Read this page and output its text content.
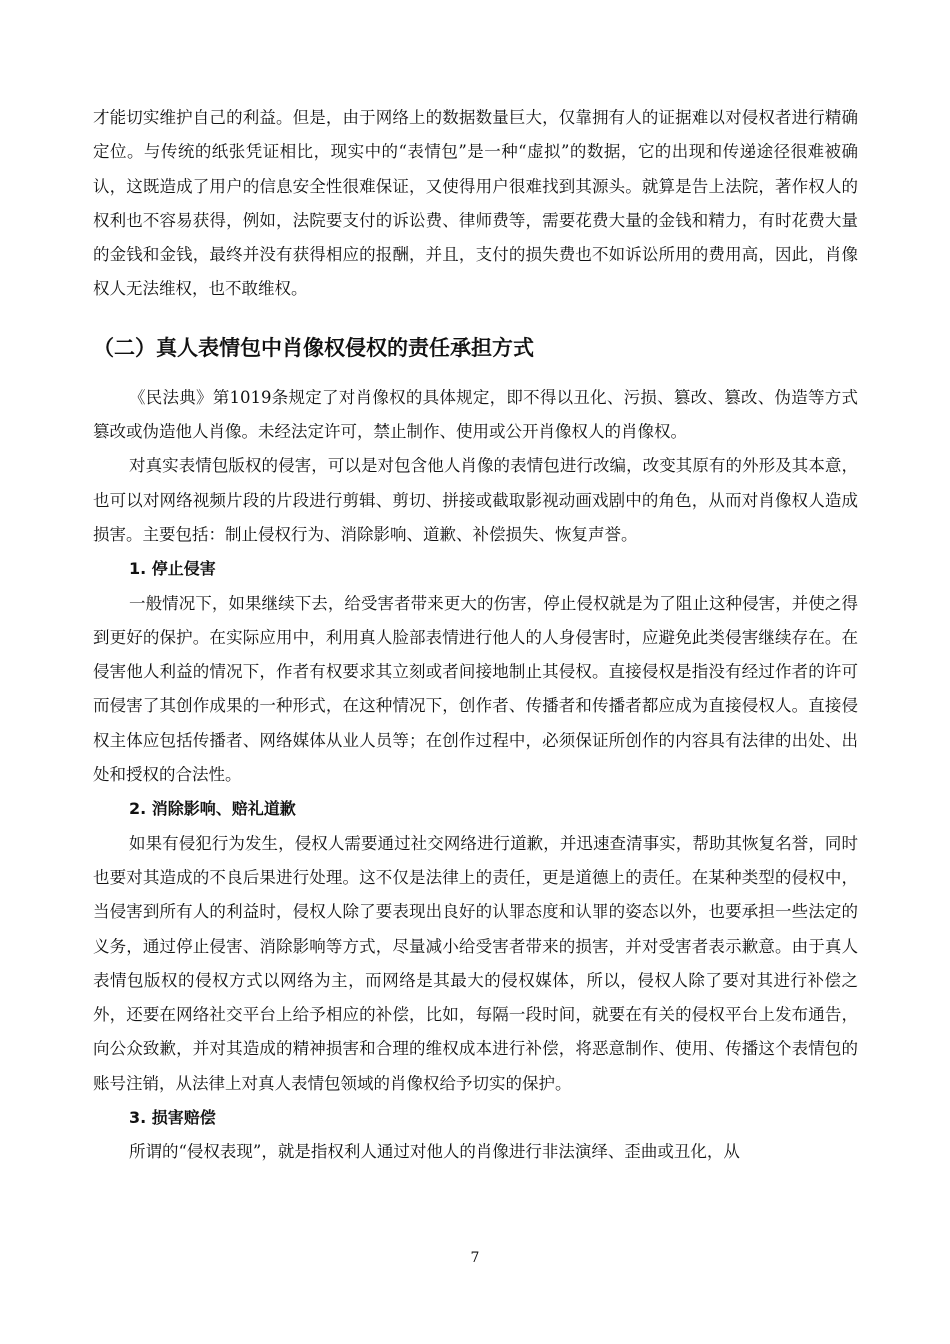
才能切实维护自己的利益。但是，由于网络上的数据数量巨大，仅靠拥有人的证据难以对侵权者进行精确定位。与传统的纸张凭证相比，现实中的“表情包”是一种“虚拟”的数据，它的出现和传递途径很难被确认，这既造成了用户的信息安全性很难保证，又使得用户很难找到其源头。就算是告上法院，著作权人的权利也不容易获得，例如，法院要支付的诉讼费、律师费等，需要花费大量的金钱和精力，有时花费大量的金钱和金钱，最终并没有获得相应的报酬，并且，支付的损失费也不如诉讼所用的费用高，因此，肖像权人无法维权，也不敢维权。

（二）真人表情包中肖像权侵权的责任承担方式

《民法典》第1019条规定了对肖像权的具体规定，即不得以丑化、污损、篡改、篡改、伪造等方式篡改或伪造他人肖像。未经法定许可，禁止制作、使用或公开肖像权人的肖像权。

对真实表情包版权的侵害，可以是对包含他人肖像的表情包进行改编，改变其原有的外形及其本意，也可以对网络视频片段的片段进行剪辑、剪切、拼接或截取影视动画戏剧中的角色，从而对肖像权人造成损害。主要包括：制止侵权行为、消除影响、道歉、补偿损失、恢复声誉。

1. 停止侵害

一般情况下，如果继续下去，给受害者带来更大的伤害，停止侵权就是为了阻止这种侵害，并使之得到更好的保护。在实际应用中，利用真人脸部表情进行他人的人身侵害时，应避免此类侵害继续存在。在侵害他人利益的情况下，作者有权要求其立刻或者间接地制止其侵权。直接侵权是指没有经过作者的许可而侵害了其创作成果的一种形式，在这种情况下，创作者、传播者和传播者都应成为直接侵权人。直接侵权主体应包括传播者、网络媒体从业人员等；在创作过程中，必须保证所创作的内容具有法律的出处、出处和授权的合法性。

2. 消除影响、赔礼道歉

如果有侵犯行为发生，侵权人需要通过社交网络进行道歉，并迅速查清事实，帮助其恢复名誉，同时也要对其造成的不良后果进行处理。这不仅是法律上的责任，更是道德上的责任。在某种类型的侵权中，当侵害到所有人的利益时，侵权人除了要表现出良好的认罪态度和认罪的姿态以外，也要承担一些法定的义务，通过停止侵害、消除影响等方式，尽量减小给受害者带来的损害，并对受害者表示歉意。由于真人表情包版权的侵权方式以网络为主，而网络是其最大的侵权媒体，所以，侵权人除了要对其进行补偿之外，还要在网络社交平台上给予相应的补偿，比如，每隔一段时间，就要在有关的侵权平台上发布通告，向公众致歉，并对其造成的精神损害和合理的维权成本进行补偿，将恶意制作、使用、传播这个表情包的账号注销，从法律上对真人表情包领域的肖像权给予切实的保护。

3. 损害赔偿

所谓的“侵权表现”，就是指权利人通过对他人的肖像进行非法演绎、歪曲或丑化，从

7
